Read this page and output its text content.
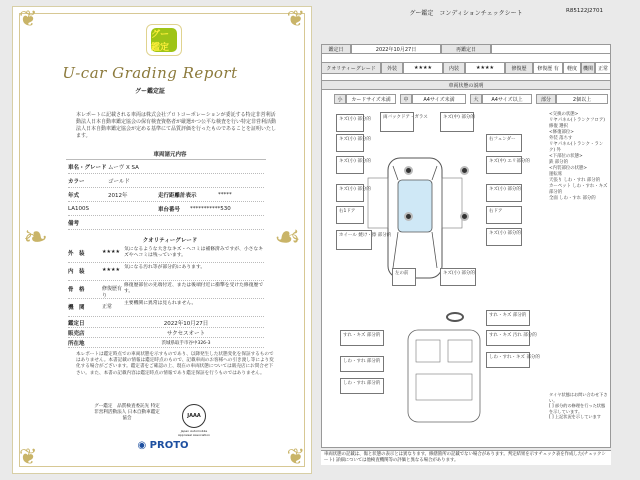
❦	❦
❦	❦
❧	☙
グー鑑定
U-car Grading Report
グー鑑定証
本レポートに記載される車両は株式会社プロトコーポレーションが委託する特定非営利活動法人日本自動車鑑定協会の保有検査資格者が厳選かつ公平な検査を行い特定非営利活動法人日本自動車鑑定協会が定める基準にて品質評価を行ったものであることを証明いたします。
車両諸元内容
車名・グレード ムーヴ X SA
カラー	ゴールド
年式	2012年	走行距離計表示	*****
LA100S	車台番号	***********530
備考
クオリティーグレード
外　装	★★★★ 気になるような大きなキズ・ヘコミは補修済みですが、小さなキズやヘコミは残っています。
内　装	★★★★ 気になる汚れ等が部分的にあります。
骨　格	修復歴有 り
修復歴部位の先端付近、または後端付近に衝撃を受けた修復歴です。
機　関	正常
主要機関に異常は見られません。
鑑定日	2022年10月27日
販売店	サクセスオート
所在地	茨城県取手市谷中326-3
本レポートは鑑定時点での車両状態を示すものであり、以降発生した状態変化を保証するものではありません。本書記載の情報は鑑定時点のもので、記載車両のお客様への引き渡し等により変化する場合がございます。鑑定書をご確認の上、現在の車両状態については販売店にお問合せ下さい。また、本書の記載内容は鑑定時点の情報であり鑑定保証を行うものではありません。
グー鑑定　品質検査委託先 特定非営利活動法人 日本自動車鑑定協会	JAAA
Japan Automobile Appraisal Association
◉ PROTO
グー鑑定　コンディションチェックシート	R85122J2701
鑑定日	2022年10月27日	再鑑定日
クオリティーグレード	外装	★★★★	内装	★★★★	修復歴	修復歴 有	軽度	機関 正常
車両状態の説明
小	カードサイズ未満	中	A4サイズ未満	大	A4サイズ以上	部分	2個以上
キズ(小) 部分的	両バックドア・ガラス	キズ(中) 部分的
キズ(小) 部分的	右フェンダー
キズ(小) 部分的	キズ(中) エリ部分的
キズ(小) 部分的	キズ(小) 部分的
右1ドア	右ドア
ホイール 焼け・擦 部分的	キズ(小) 部分的
左の前	キズ(小) 部分的
すれ・キズ 部分的
すれ・キズ 部分的
すれ・キズ 汚れ 部分的
しわ・すれ 部分的
しわ・すれ・キズ 部分的
しわ・すれ 部分的
<交換の状態>
リヤパネル(トランクフロア)
修復 選択
<修復部位>
外装 落ちす
リヤパネル(トランク・ランク) 外
<下部位の状態>
鉄 部分的
<内装部位の状態>
運転席
天張り しわ・すれ 部分的
カーペット しわ・すれ・キズ 部分的
全面 しわ・すれ 部分的
タイヤ状態はお問い合わせ下さい。
[ ] 部分的の修理を行った状態を示しています。
[ ] 上記状況を示しています
車両状態の記載は、傷と状態の表示とは異なります。修繕箇所の記載でない場合があります。判定結果を示すチェック表を作成した(チェックシート) 詳細については他検査機関等の評価と異なる場合があります。
